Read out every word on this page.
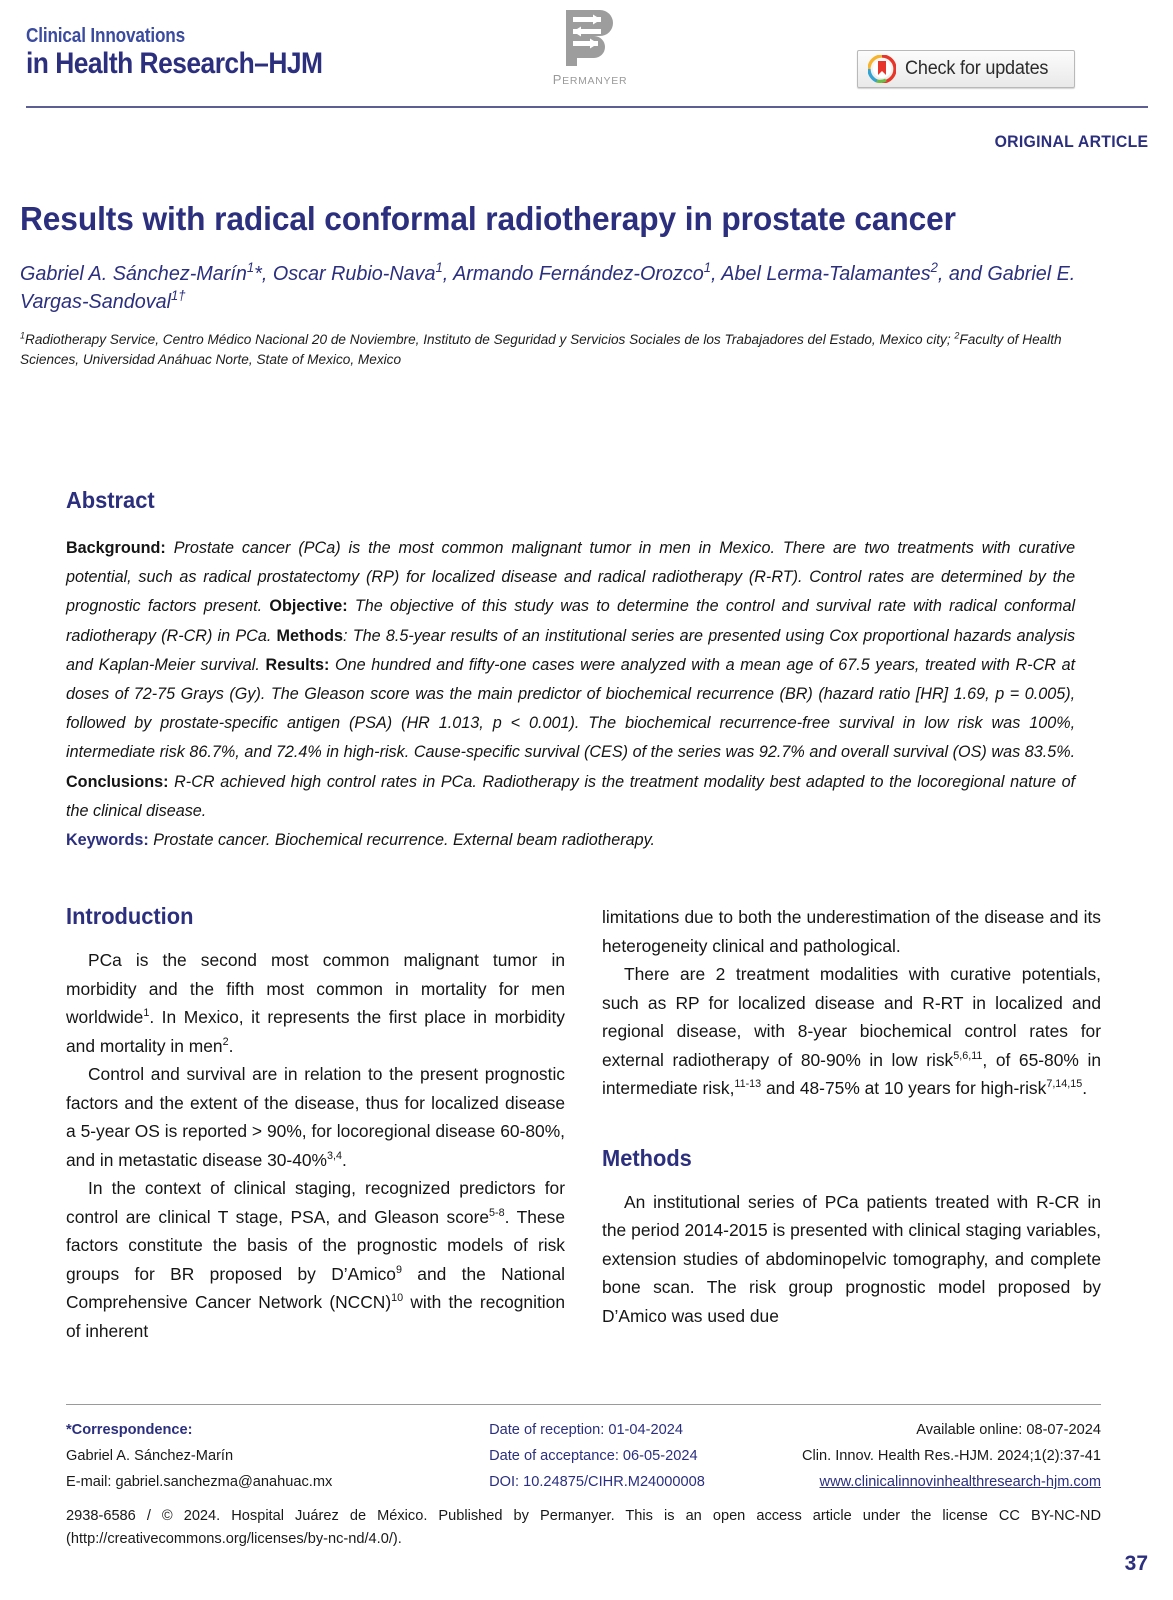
Clinical Innovations
in Health Research–HJM	PERMANYER
Check for updates
ORIGINAL ARTICLE
Results with radical conformal radiotherapy in prostate cancer
Gabriel A. Sánchez-Marín$^1$*, Oscar Rubio-Nava$^1$, Armando Fernández-Orozco$^1$, Abel Lerma-Talamantes$^2$, and Gabriel E. Vargas-Sandoval$^{1\dagger}$

$^1$Radiotherapy Service, Centro Médico Nacional 20 de Noviembre, Instituto de Seguridad y Servicios Sociales de los Trabajadores del Estado, Mexico city; $^2$Faculty of Health Sciences, Universidad Anáhuac Norte, State of Mexico, Mexico

Abstract

Background: Prostate cancer (PCa) is the most common malignant tumor in men in Mexico. There are two treatments with curative potential, such as radical prostatectomy (RP) for localized disease and radical radiotherapy (R-RT). Control rates are determined by the prognostic factors present. Objective: The objective of this study was to determine the control and survival rate with radical conformal radiotherapy (R-CR) in PCa. Methods: The 8.5-year results of an institutional series are presented using Cox proportional hazards analysis and Kaplan-Meier survival. Results: One hundred and fifty-one cases were analyzed with a mean age of 67.5 years, treated with R-CR at doses of 72-75 Grays (Gy). The Gleason score was the main predictor of biochemical recurrence (BR) (hazard ratio [HR] 1.69, p = 0.005), followed by prostate-specific antigen (PSA) (HR 1.013, p < 0.001). The biochemical recurrence-free survival in low risk was 100%, intermediate risk 86.7%, and 72.4% in high-risk. Cause-specific survival (CES) of the series was 92.7% and overall survival (OS) was 83.5%. Conclusions: R-CR achieved high control rates in PCa. Radiotherapy is the treatment modality best adapted to the locoregional nature of the clinical disease.

Keywords: Prostate cancer. Biochemical recurrence. External beam radiotherapy.

Introduction

PCa is the second most common malignant tumor in morbidity and the fifth most common in mortality for men worldwide$^1$. In Mexico, it represents the first place in morbidity and mortality in men$^2$.

Control and survival are in relation to the present prognostic factors and the extent of the disease, thus for localized disease a 5-year OS is reported > 90%, for locoregional disease 60-80%, and in metastatic disease 30-40%$^{3,4}$.

In the context of clinical staging, recognized predictors for control are clinical T stage, PSA, and Gleason score$^{5-8}$. These factors constitute the basis of the prognostic models of risk groups for BR proposed by D’Amico$^9$ and the National Comprehensive Cancer Network (NCCN)$^{10}$ with the recognition of inherent

limitations due to both the underestimation of the disease and its heterogeneity clinical and pathological.

There are 2 treatment modalities with curative potentials, such as RP for localized disease and R-RT in localized and regional disease, with 8-year biochemical control rates for external radiotherapy of 80-90% in low risk$^{5,6,11}$, of 65-80% in intermediate risk,$^{11-13}$ and 48-75% at 10 years for high-risk$^{7,14,15}$.

Methods

An institutional series of PCa patients treated with R-CR in the period 2014-2015 is presented with clinical staging variables, extension studies of abdominopelvic tomography, and complete bone scan. The risk group prognostic model proposed by D’Amico was used due

*Correspondence:
Gabriel A. Sánchez-Marín
E-mail: gabriel.sanchezma@anahuac.mx
Date of reception: 01-04-2024
Date of acceptance: 06-05-2024
DOI: 10.24875/CIHR.M24000008
Available online: 08-07-2024
Clin. Innov. Health Res.-HJM. 2024;1(2):37-41
www.clinicalinnovinhealthresearch-hjm.com
2938-6586 / © 2024. Hospital Juárez de México. Published by Permanyer. This is an open access article under the license CC BY-NC-ND (http://creativecommons.org/licenses/by-nc-nd/4.0/).
37
